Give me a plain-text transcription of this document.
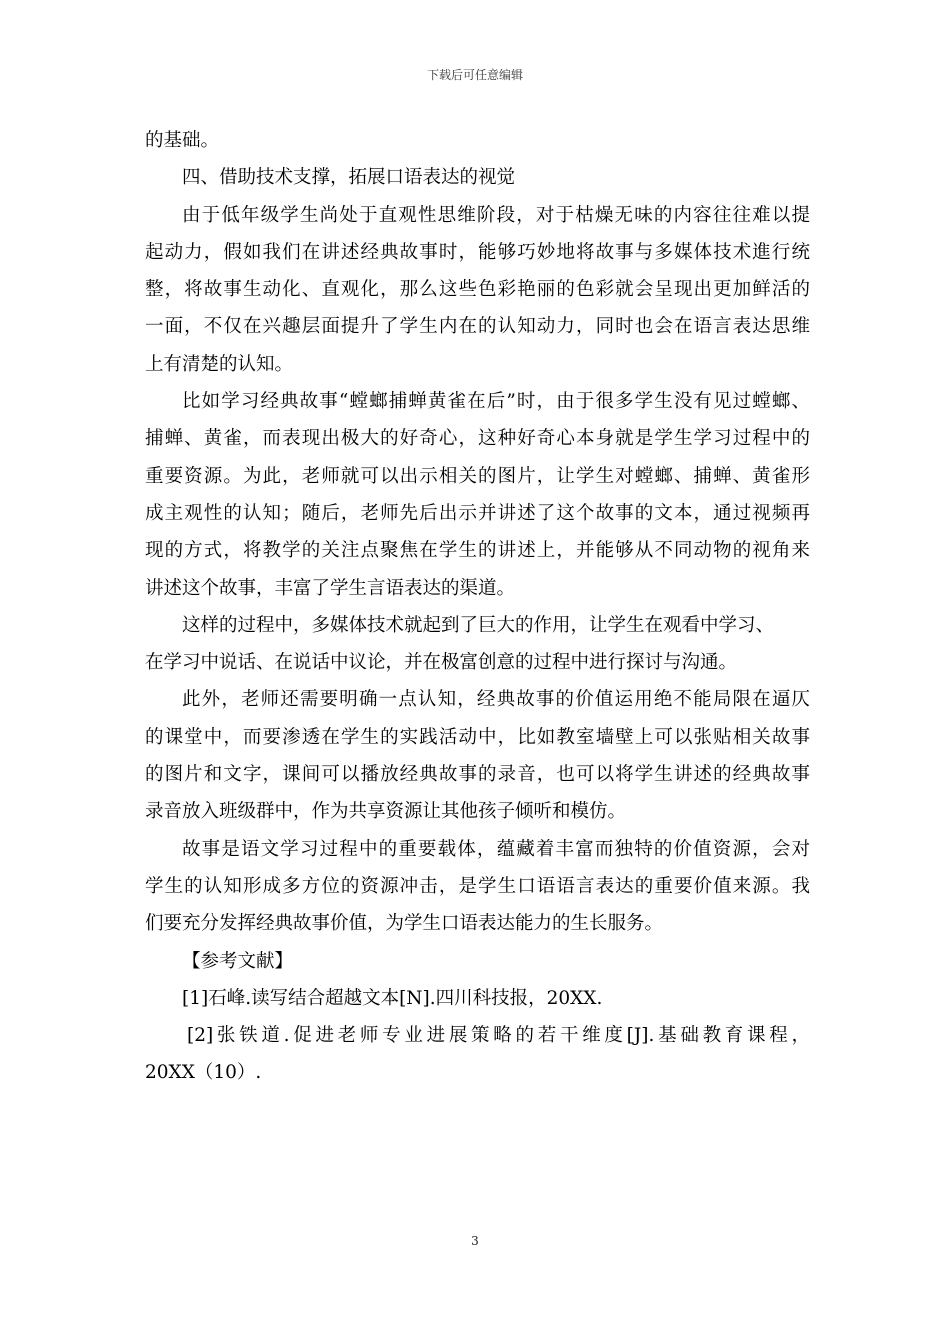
下载后可任意编辑
的基础。
四、借助技术支撑，拓展口语表达的视觉
由于低年级学生尚处于直观性思维阶段，对于枯燥无味的内容往往难以提
起动力，假如我们在讲述经典故事时，能够巧妙地将故事与多媒体技术進行统
整，将故事生动化、直观化，那么这些色彩艳丽的色彩就会呈现出更加鲜活的
一面，不仅在兴趣层面提升了学生内在的认知动力，同时也会在语言表达思维
上有清楚的认知。
比如学习经典故事“螳螂捕蝉黄雀在后”时，由于很多学生没有见过螳螂、
捕蝉、黄雀，而表现出极大的好奇心，这种好奇心本身就是学生学习过程中的
重要资源。为此，老师就可以出示相关的图片，让学生对螳螂、捕蝉、黄雀形
成主观性的认知；随后，老师先后出示并讲述了这个故事的文本，通过视频再
现的方式，将教学的关注点聚焦在学生的讲述上，并能够从不同动物的视角来
讲述这个故事，丰富了学生言语表达的渠道。
这样的过程中，多媒体技术就起到了巨大的作用，让学生在观看中学习、
在学习中说话、在说话中议论，并在极富创意的过程中进行探讨与沟通。
此外，老师还需要明确一点认知，经典故事的价值运用绝不能局限在逼仄
的课堂中，而要渗透在学生的实践活动中，比如教室墙壁上可以张贴相关故事
的图片和文字，课间可以播放经典故事的录音，也可以将学生讲述的经典故事
录音放入班级群中，作为共享资源让其他孩子倾听和模仿。
故事是语文学习过程中的重要载体，蕴藏着丰富而独特的价值资源，会对
学生的认知形成多方位的资源冲击，是学生口语语言表达的重要价值来源。我
们要充分发挥经典故事价值，为学生口语表达能力的生长服务。
【参考文献】
[1]石峰.读写结合超越文本[N].四川科技报，20XX.
[2]张铁道.促进老师专业进展策略的若干维度[J].基础教育课程，
20XX（10）.
3
